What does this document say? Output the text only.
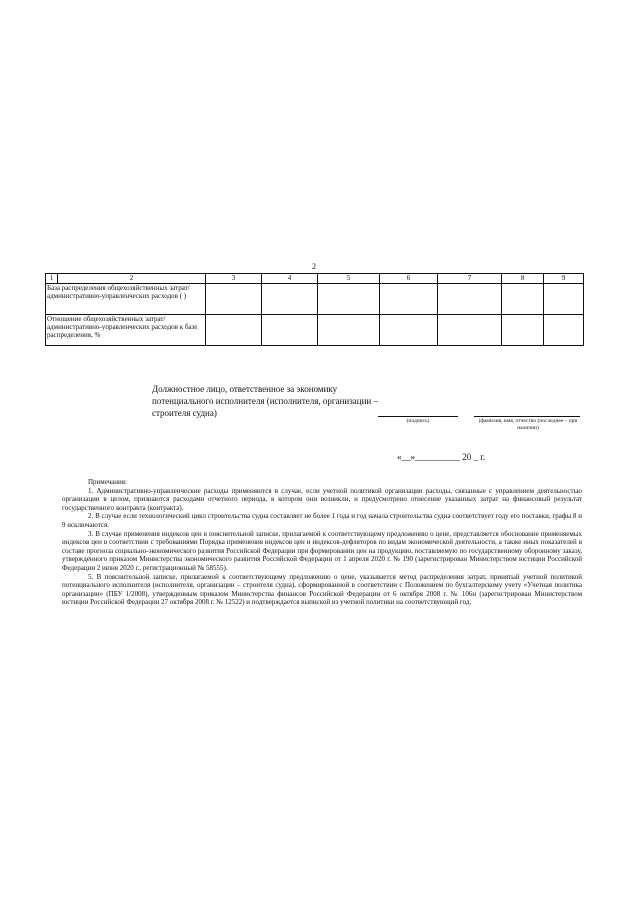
2
1	2	3	4	5	6	7	8	9
База распределения общехозяйственных затрат/административно-управленческих расходов ( )								
Отношение общехозяйственных затрат/административно-управленческих расходов к базе распределения, %								
Должностное лицо, ответственное за экономику потенциального исполнителя (исполнителя, организации – строителя судна)
(подпись)	(фамилия, имя, отчество (последнее – при наличии)
«__»__________ 20 _ г.

Примечания:

1. Административно-управленческие расходы применяются в случае, если учетной политикой организации расходы, связанные с управлением деятельностью организации в целом, признаются расходами отчетного периода, в котором они возникли, и предусмотрено отнесение указанных затрат на финансовый результат государственного контракта (контракта).

2. В случае если технологический цикл строительства судна составляет не более 1 года и год начала строительства судна соответствует году его поставки, графы 8 и 9 исключаются.

3. В случае применения индексов цен в пояснительной записке, прилагаемой к соответствующему предложению о цене, представляется обоснование применяемых индексов цен в соответствии с требованиями Порядка применения индексов цен и индексов-дефляторов по видам экономической деятельности, а также иных показателей в составе прогноза социально-экономического развития Российской Федерации при формировании цен на продукцию, поставляемую по государственному оборонному заказу, утвержденного приказом Министерства экономического развития Российской Федерации от 1 апреля 2020 г. № 190 (зарегистрирован Министерством юстиции Российской Федерации 2 июня 2020 г., регистрационный № 58555).

5. В пояснительной записке, прилагаемой к соответствующему предложению о цене, указывается метод распределения затрат, принятый учетной политикой потенциального исполнителя (исполнителя, организации – строителя судна), сформированной в соответствии с Положением по бухгалтерскому учету «Учетная политика организации» (ПБУ 1/2008), утвержденным приказом Министерства финансов Российской Федерации от 6 октября 2008 г. № 106н (зарегистрирован Министерством юстиции Российской Федерации 27 октября 2008 г. № 12522) и подтверждается выпиской из учетной политики на соответствующий год.
